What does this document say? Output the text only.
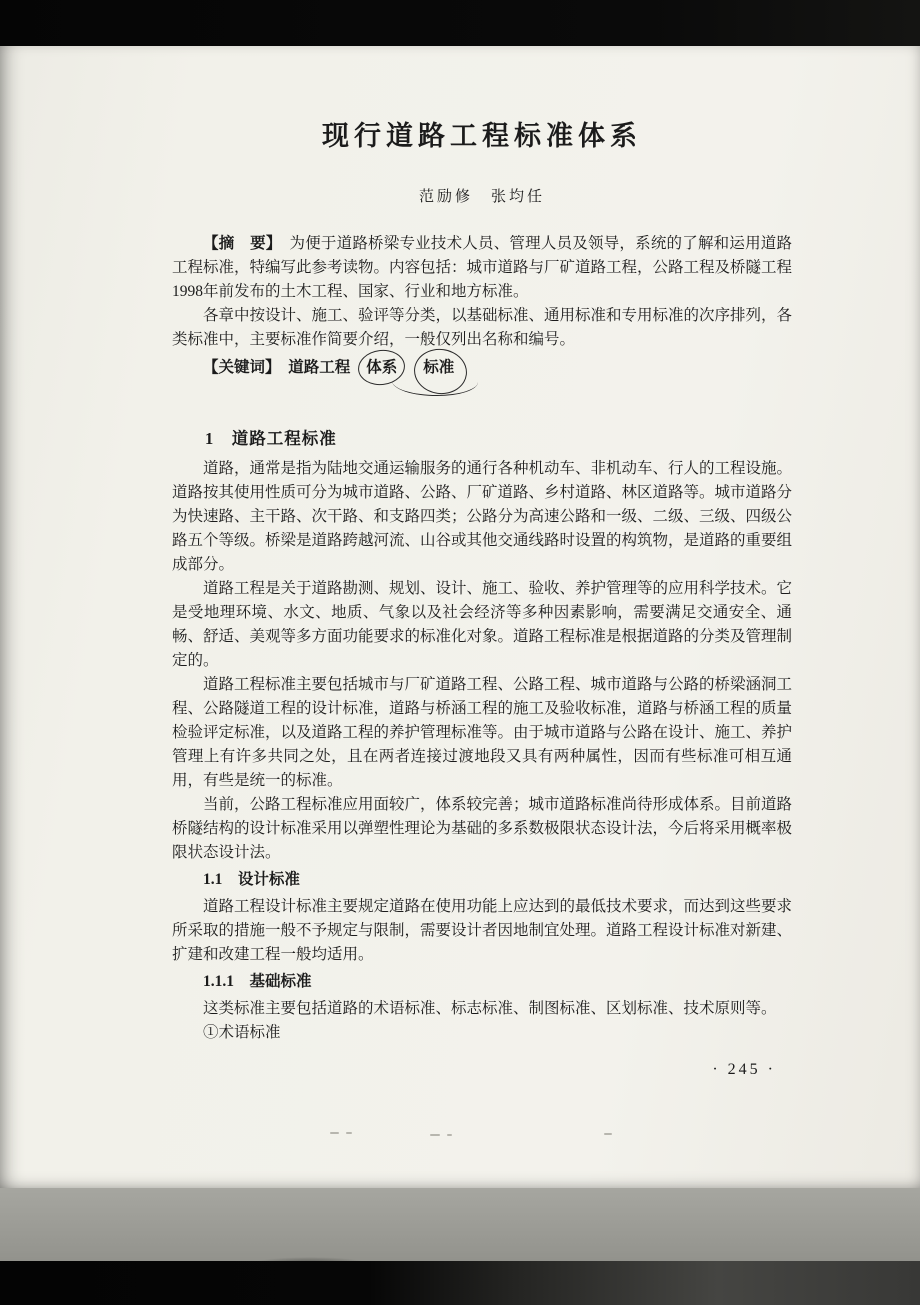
现行道路工程标准体系
范励修　张均任

【摘　要】　为便于道路桥梁专业技术人员、管理人员及领导，系统的了解和运用道路工程标准，特编写此参考读物。内容包括：城市道路与厂矿道路工程，公路工程及桥隧工程1998年前发布的土木工程、国家、行业和地方标准。

各章中按设计、施工、验评等分类，以基础标准、通用标准和专用标准的次序排列，各类标准中，主要标准作简要介绍，一般仅列出名称和编号。

【关键词】　道路工程 体系 标准
1　道路工程标准

道路，通常是指为陆地交通运输服务的通行各种机动车、非机动车、行人的工程设施。道路按其使用性质可分为城市道路、公路、厂矿道路、乡村道路、林区道路等。城市道路分为快速路、主干路、次干路、和支路四类；公路分为高速公路和一级、二级、三级、四级公路五个等级。桥梁是道路跨越河流、山谷或其他交通线路时设置的构筑物，是道路的重要组成部分。

道路工程是关于道路勘测、规划、设计、施工、验收、养护管理等的应用科学技术。它是受地理环境、水文、地质、气象以及社会经济等多种因素影响，需要满足交通安全、通畅、舒适、美观等多方面功能要求的标准化对象。道路工程标准是根据道路的分类及管理制定的。

道路工程标准主要包括城市与厂矿道路工程、公路工程、城市道路与公路的桥梁涵洞工程、公路隧道工程的设计标准，道路与桥涵工程的施工及验收标准，道路与桥涵工程的质量检验评定标准，以及道路工程的养护管理标准等。由于城市道路与公路在设计、施工、养护管理上有许多共同之处，且在两者连接过渡地段又具有两种属性，因而有些标准可相互通用，有些是统一的标准。

当前，公路工程标准应用面较广，体系较完善；城市道路标准尚待形成体系。目前道路桥隧结构的设计标准采用以弹塑性理论为基础的多系数极限状态设计法，今后将采用概率极限状态设计法。

1.1　设计标准

道路工程设计标准主要规定道路在使用功能上应达到的最低技术要求，而达到这些要求所采取的措施一般不予规定与限制，需要设计者因地制宜处理。道路工程设计标准对新建、扩建和改建工程一般均适用。

1.1.1　基础标准

这类标准主要包括道路的术语标准、标志标准、制图标准、区划标准、技术原则等。

①术语标准

· 245 ·
